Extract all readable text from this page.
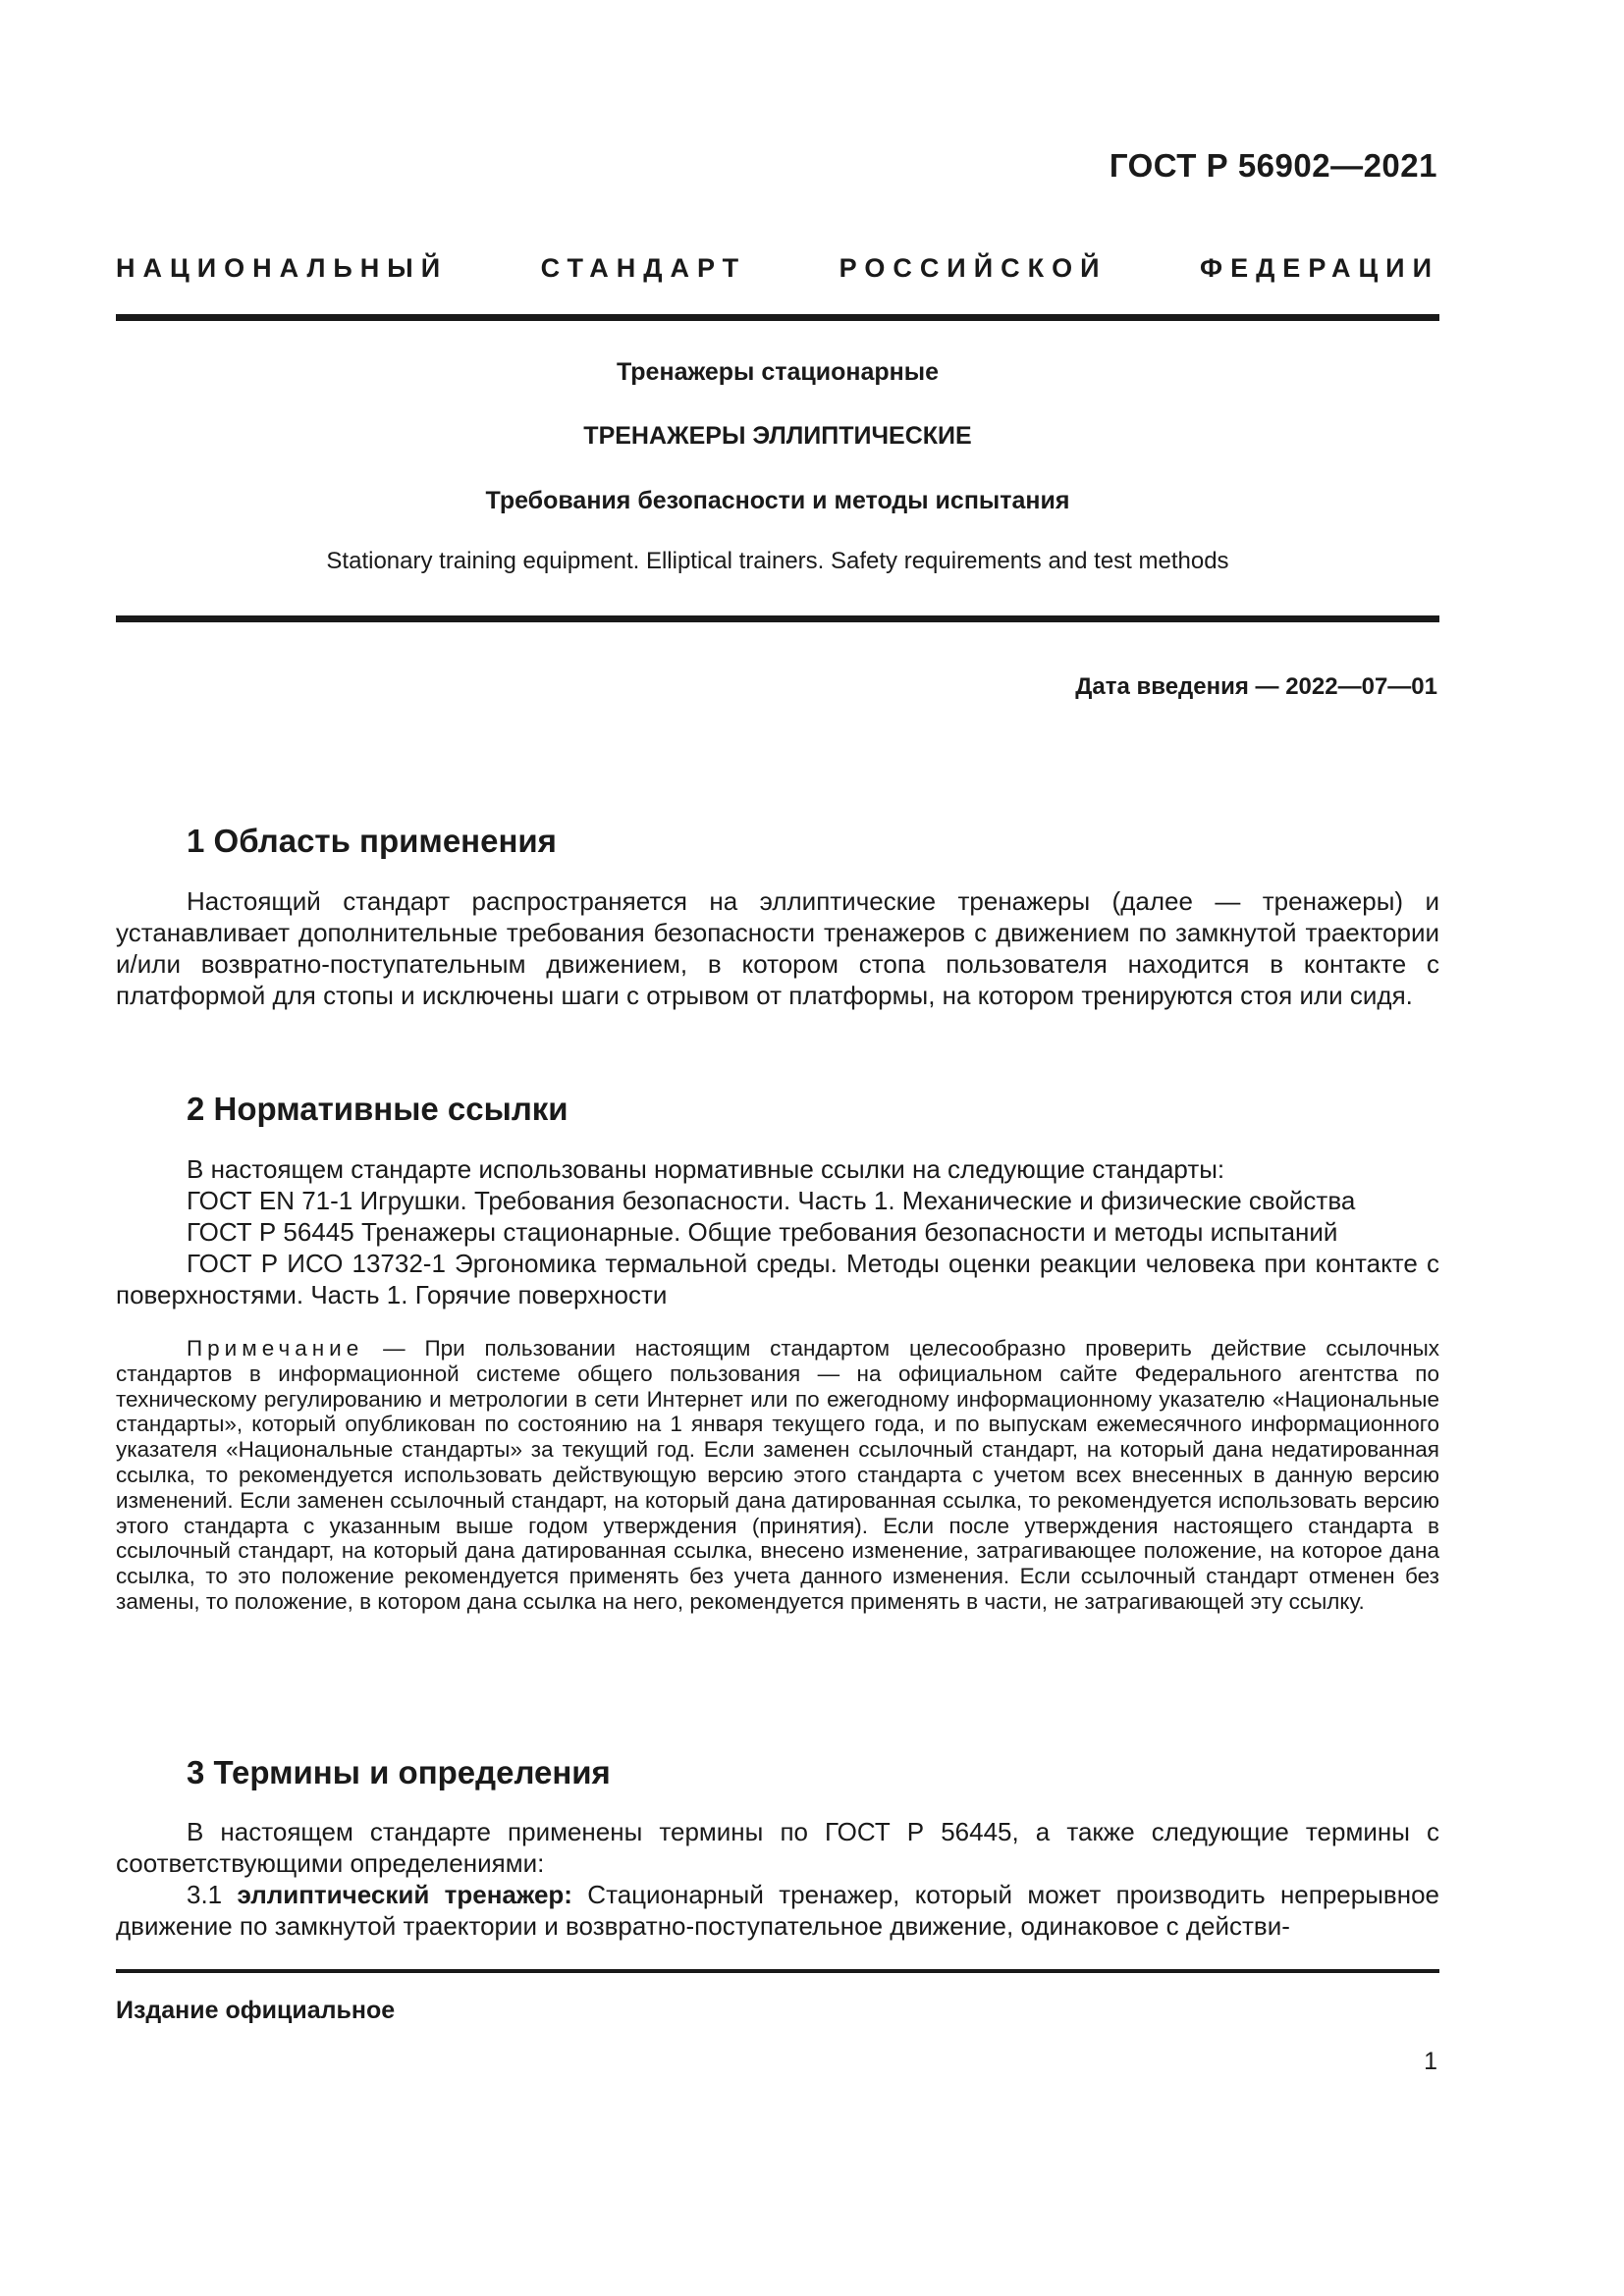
ГОСТ Р 56902—2021
НАЦИОНАЛЬНЫЙ СТАНДАРТ РОССИЙСКОЙ ФЕДЕРАЦИИ
Тренажеры стационарные
ТРЕНАЖЕРЫ ЭЛЛИПТИЧЕСКИЕ
Требования безопасности и методы испытания
Stationary training equipment. Elliptical trainers. Safety requirements and test methods
Дата введения — 2022—07—01
1 Область применения

Настоящий стандарт распространяется на эллиптические тренажеры (далее — тренажеры) и устанавливает дополнительные требования безопасности тренажеров с движением по замкнутой траектории и/или возвратно-поступательным движением, в котором стопа пользователя находится в контакте с платформой для стопы и исключены шаги с отрывом от платформы, на котором тренируются стоя или сидя.

2 Нормативные ссылки

В настоящем стандарте использованы нормативные ссылки на следующие стандарты:

ГОСТ EN 71-1 Игрушки. Требования безопасности. Часть 1. Механические и физические свойства

ГОСТ Р 56445 Тренажеры стационарные. Общие требования безопасности и методы испытаний

ГОСТ Р ИСО 13732-1 Эргономика термальной среды. Методы оценки реакции человека при контакте с поверхностями. Часть 1. Горячие поверхности

Примечание — При пользовании настоящим стандартом целесообразно проверить действие ссылочных стандартов в информационной системе общего пользования — на официальном сайте Федерального агентства по техническому регулированию и метрологии в сети Интернет или по ежегодному информационному указателю «Национальные стандарты», который опубликован по состоянию на 1 января текущего года, и по выпускам ежемесячного информационного указателя «Национальные стандарты» за текущий год. Если заменен ссылочный стандарт, на который дана недатированная ссылка, то рекомендуется использовать действующую версию этого стандарта с учетом всех внесенных в данную версию изменений. Если заменен ссылочный стандарт, на который дана датированная ссылка, то рекомендуется использовать версию этого стандарта с указанным выше годом утверждения (принятия). Если после утверждения настоящего стандарта в ссылочный стандарт, на который дана датированная ссылка, внесено изменение, затрагивающее положение, на которое дана ссылка, то это положение рекомендуется применять без учета данного изменения. Если ссылочный стандарт отменен без замены, то положение, в котором дана ссылка на него, рекомендуется применять в части, не затрагивающей эту ссылку.

3 Термины и определения

В настоящем стандарте применены термины по ГОСТ Р 56445, а также следующие термины с соответствующими определениями:

3.1 эллиптический тренажер: Стационарный тренажер, который может производить непрерывное движение по замкнутой траектории и возвратно-поступательное движение, одинаковое с действи-

Издание официальное
1
